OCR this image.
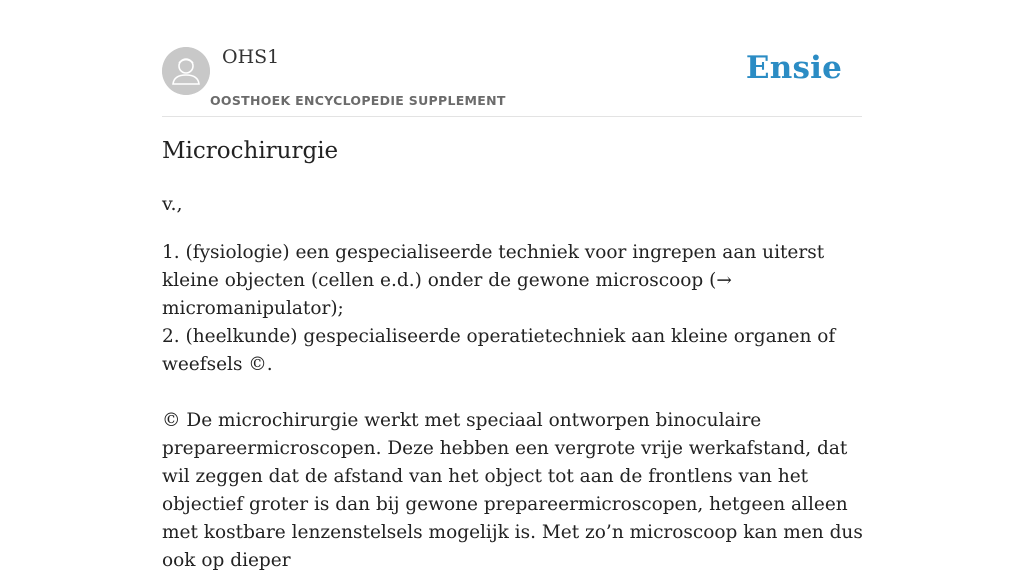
OHS1
OOSTHOEK ENCYCLOPEDIE SUPPLEMENT
Ensie
Microchirurgie
v.,

1. (fysiologie) een gespecialiseerde techniek voor ingrepen aan uiterst kleine objecten (cellen e.d.) onder de gewone microscoop (→ micromanipulator);

2. (heelkunde) gespecialiseerde operatietechniek aan kleine organen of weefsels ©.

© De microchirurgie werkt met speciaal ontworpen binoculaire prepareermicroscopen. Deze hebben een vergrote vrije werkafstand, dat wil zeggen dat de afstand van het object tot aan de frontlens van het objectief groter is dan bij gewone prepareermicroscopen, hetgeen alleen met kostbare lenzenstelsels mogelijk is. Met zo’n microscoop kan men dus ook op dieper
